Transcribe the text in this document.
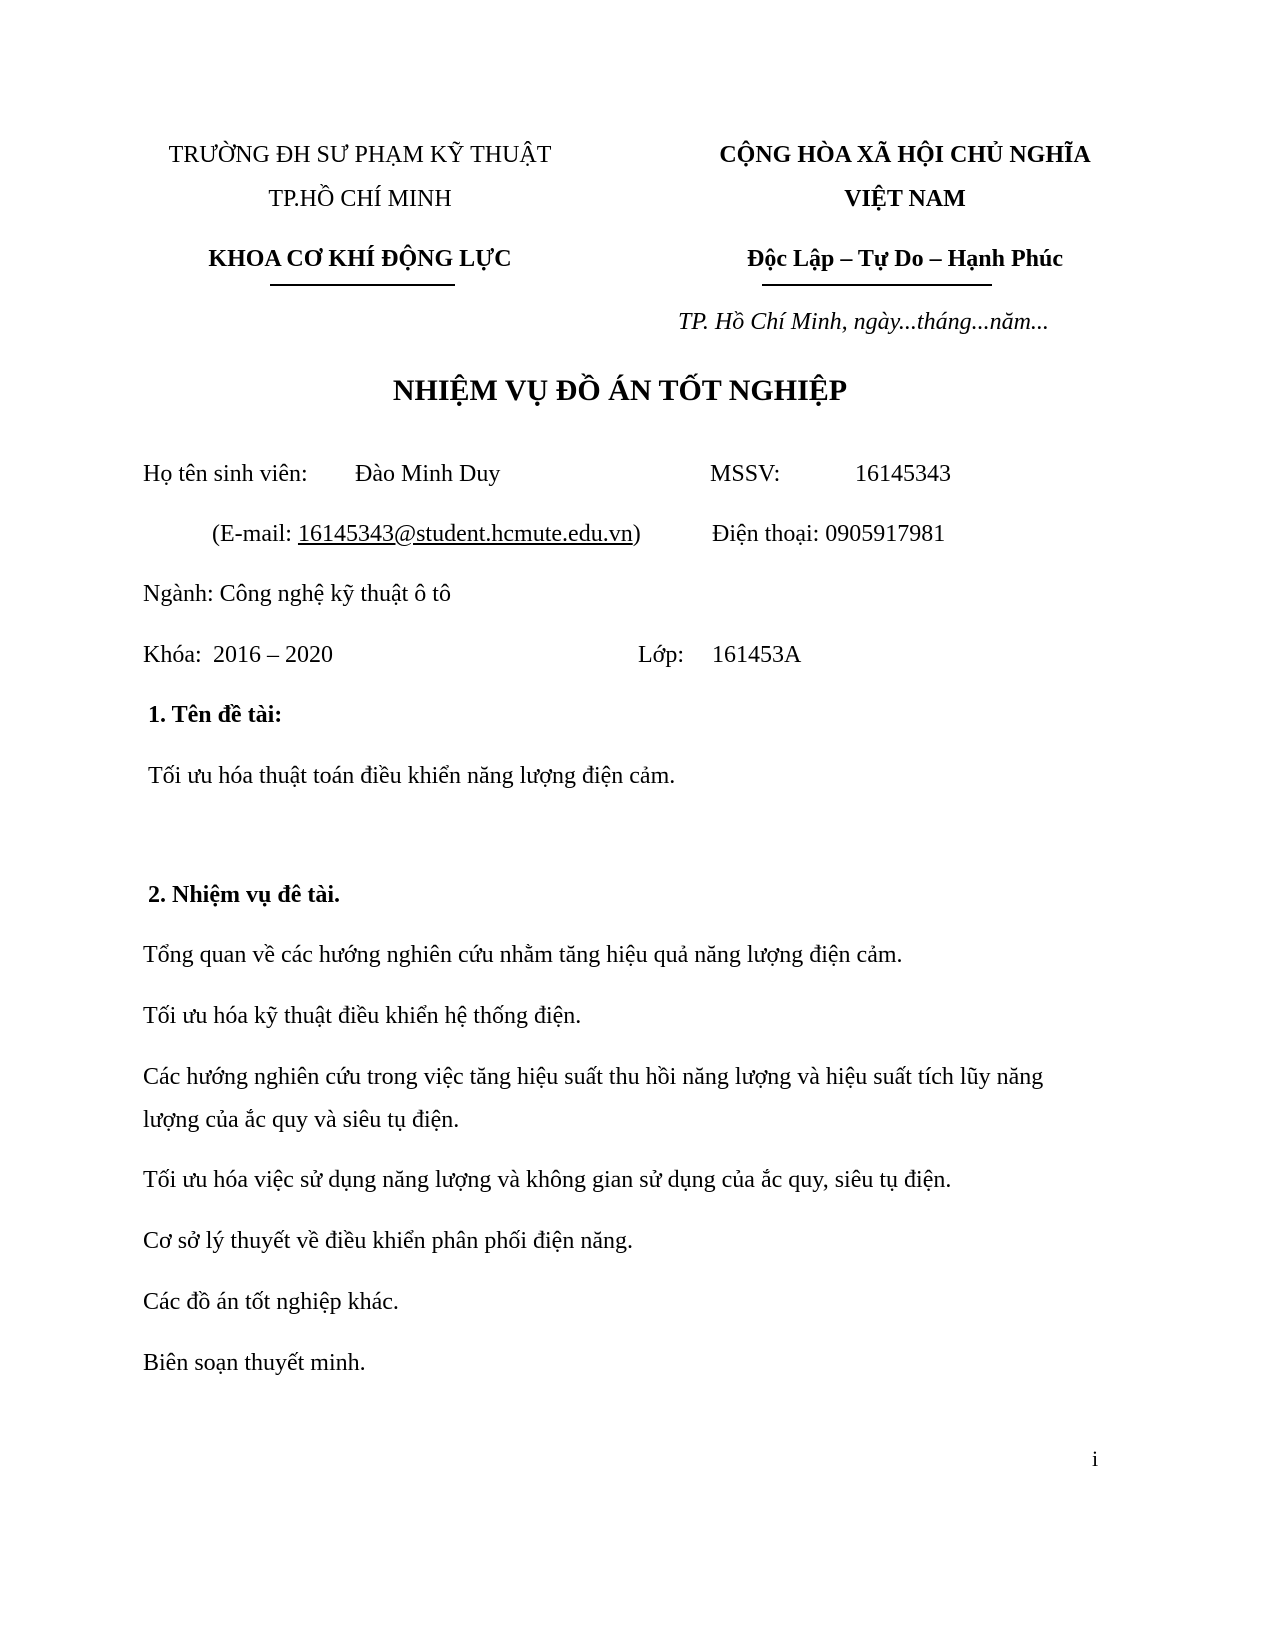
TRƯỜNG ĐH SƯ PHẠM KỸ THUẬT
TP.HỒ CHÍ MINH
KHOA CƠ KHÍ ĐỘNG LỰC
CỘNG HÒA XÃ HỘI CHỦ NGHĨA
VIỆT NAM
Độc Lập – Tự Do – Hạnh Phúc
TP. Hồ Chí Minh, ngày...tháng...năm...
NHIỆM VỤ ĐỒ ÁN TỐT NGHIỆP
Họ tên sinh viên: Đào Minh Duy	MSSV:	16145343
(E-mail: 16145343@student.hcmute.edu.vn)	Điện thoại: 0905917981
Ngành: Công nghệ kỹ thuật ô tô
Khóa: 2016 – 2020	Lớp: 161453A
1. Tên đề tài:
Tối ưu hóa thuật toán điều khiển năng lượng điện cảm.
2. Nhiệm vụ đê tài.
Tổng quan về các hướng nghiên cứu nhằm tăng hiệu quả năng lượng điện cảm.
Tối ưu hóa kỹ thuật điều khiển hệ thống điện.
Các hướng nghiên cứu trong việc tăng hiệu suất thu hồi năng lượng và hiệu suất tích lũy năng
lượng của ắc quy và siêu tụ điện.
Tối ưu hóa việc sử dụng năng lượng và không gian sử dụng của ắc quy, siêu tụ điện.
Cơ sở lý thuyết về điều khiển phân phối điện năng.
Các đồ án tốt nghiệp khác.
Biên soạn thuyết minh.
i
